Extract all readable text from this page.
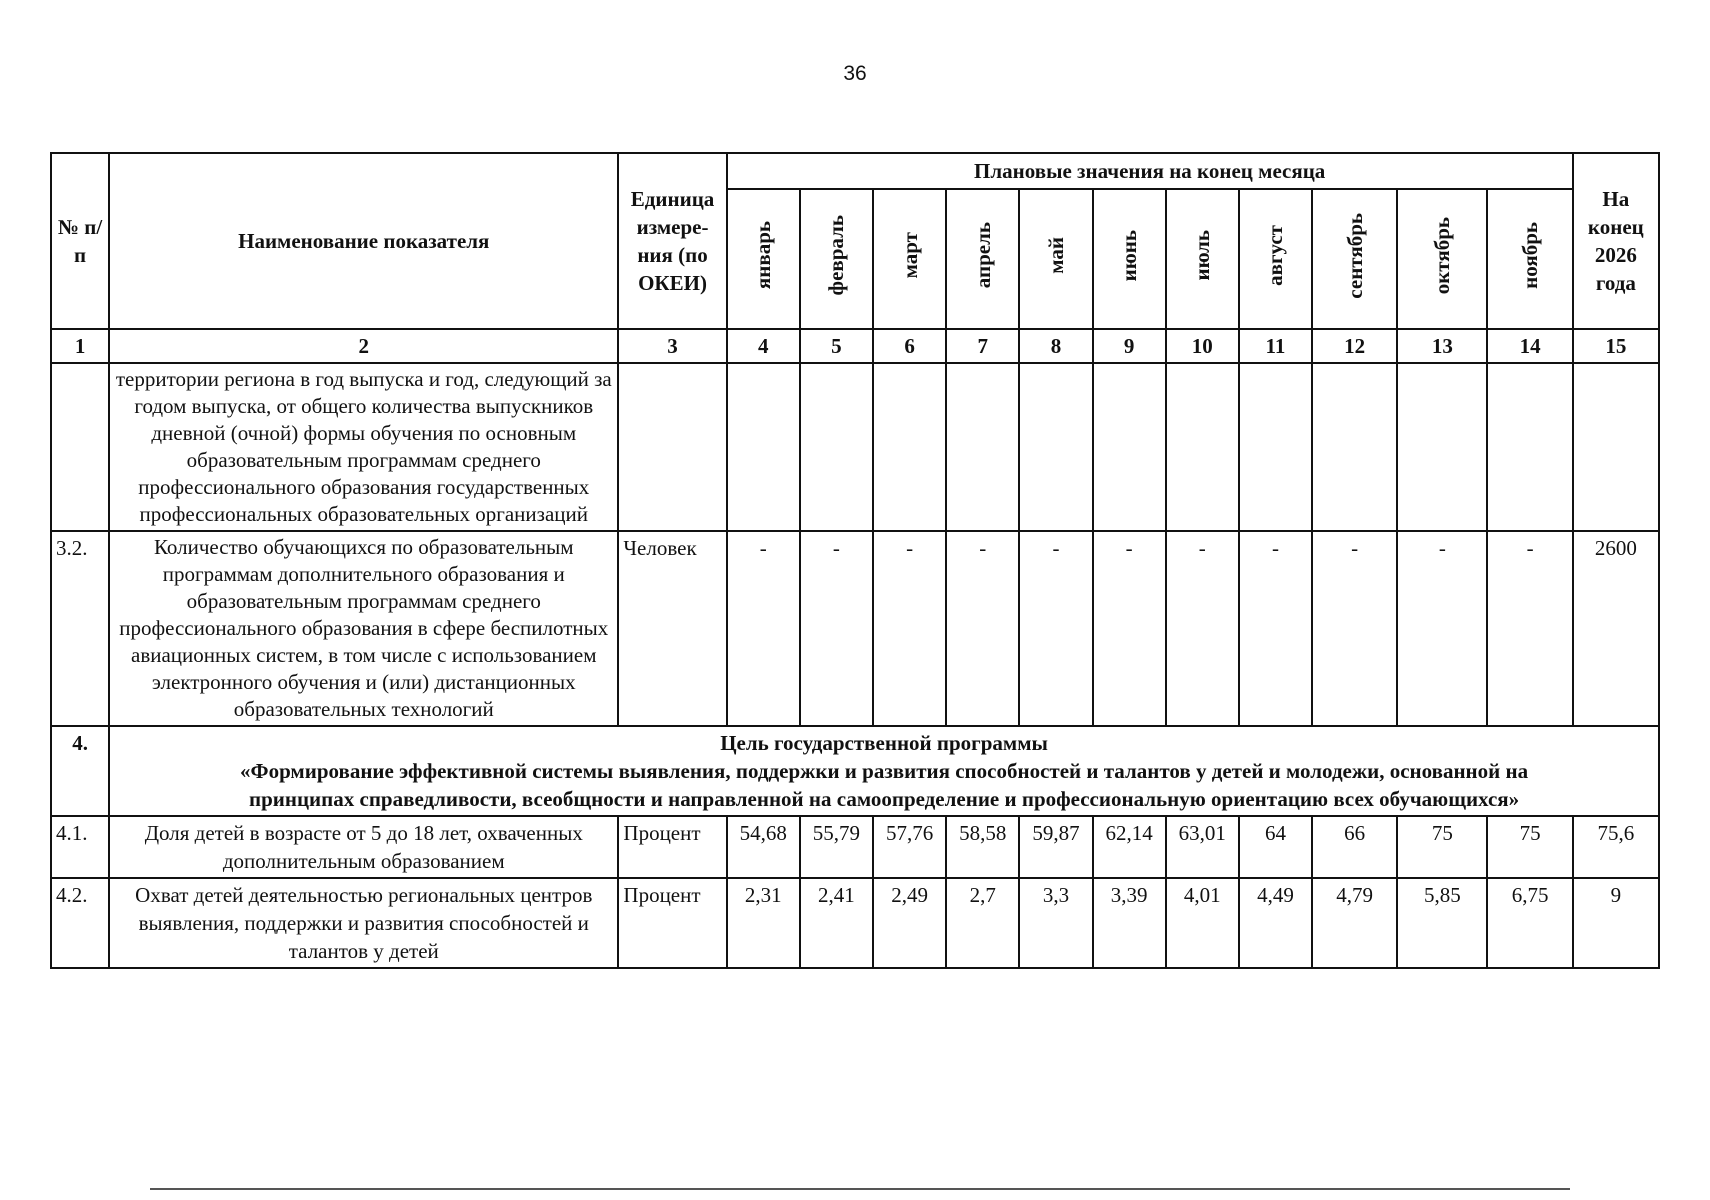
36
№ п/п	Наименование показателя	Единица измере-ния (по ОКЕИ)	Плановые значения на конец месяца											На конец 2026 года
			январь	февраль	март	апрель	май	июнь	июль	август	сентябрь	октябрь	ноябрь	
1	2	3	4	5	6	7	8	9	10	11	12	13	14	15
	территории региона в год выпуска и год, следующий за годом выпуска, от общего количества выпускников дневной (очной) формы обучения по основным образовательным программам среднего профессионального образования государственных профессиональных образовательных организаций													
3.2.	Количество обучающихся по образовательным программам дополнительного образования и образовательным программам среднего профессионального образования в сфере беспилотных авиационных систем, в том числе с использованием электронного обучения и (или) дистанционных образовательных технологий	Человек	-	-	-	-	-	-	-	-	-	-	-	2600
4.	Цель государственной программы
«Формирование эффективной системы выявления, поддержки и развития способностей и талантов у детей и молодежи, основанной на принципах справедливости, всеобщности и направленной на самоопределение и профессиональную ориентацию всех обучающихся»													

4.1.	Доля детей в возрасте от 5 до 18 лет, охваченных дополнительным образованием	Процент	54,68	55,79	57,76	58,58	59,87	62,14	63,01	64	66	75	75	75,6
4.2.	Охват детей деятельностью региональных центров выявления, поддержки и развития способностей и талантов у детей	Процент	2,31	2,41	2,49	2,7	3,3	3,39	4,01	4,49	4,79	5,85	6,75	9
